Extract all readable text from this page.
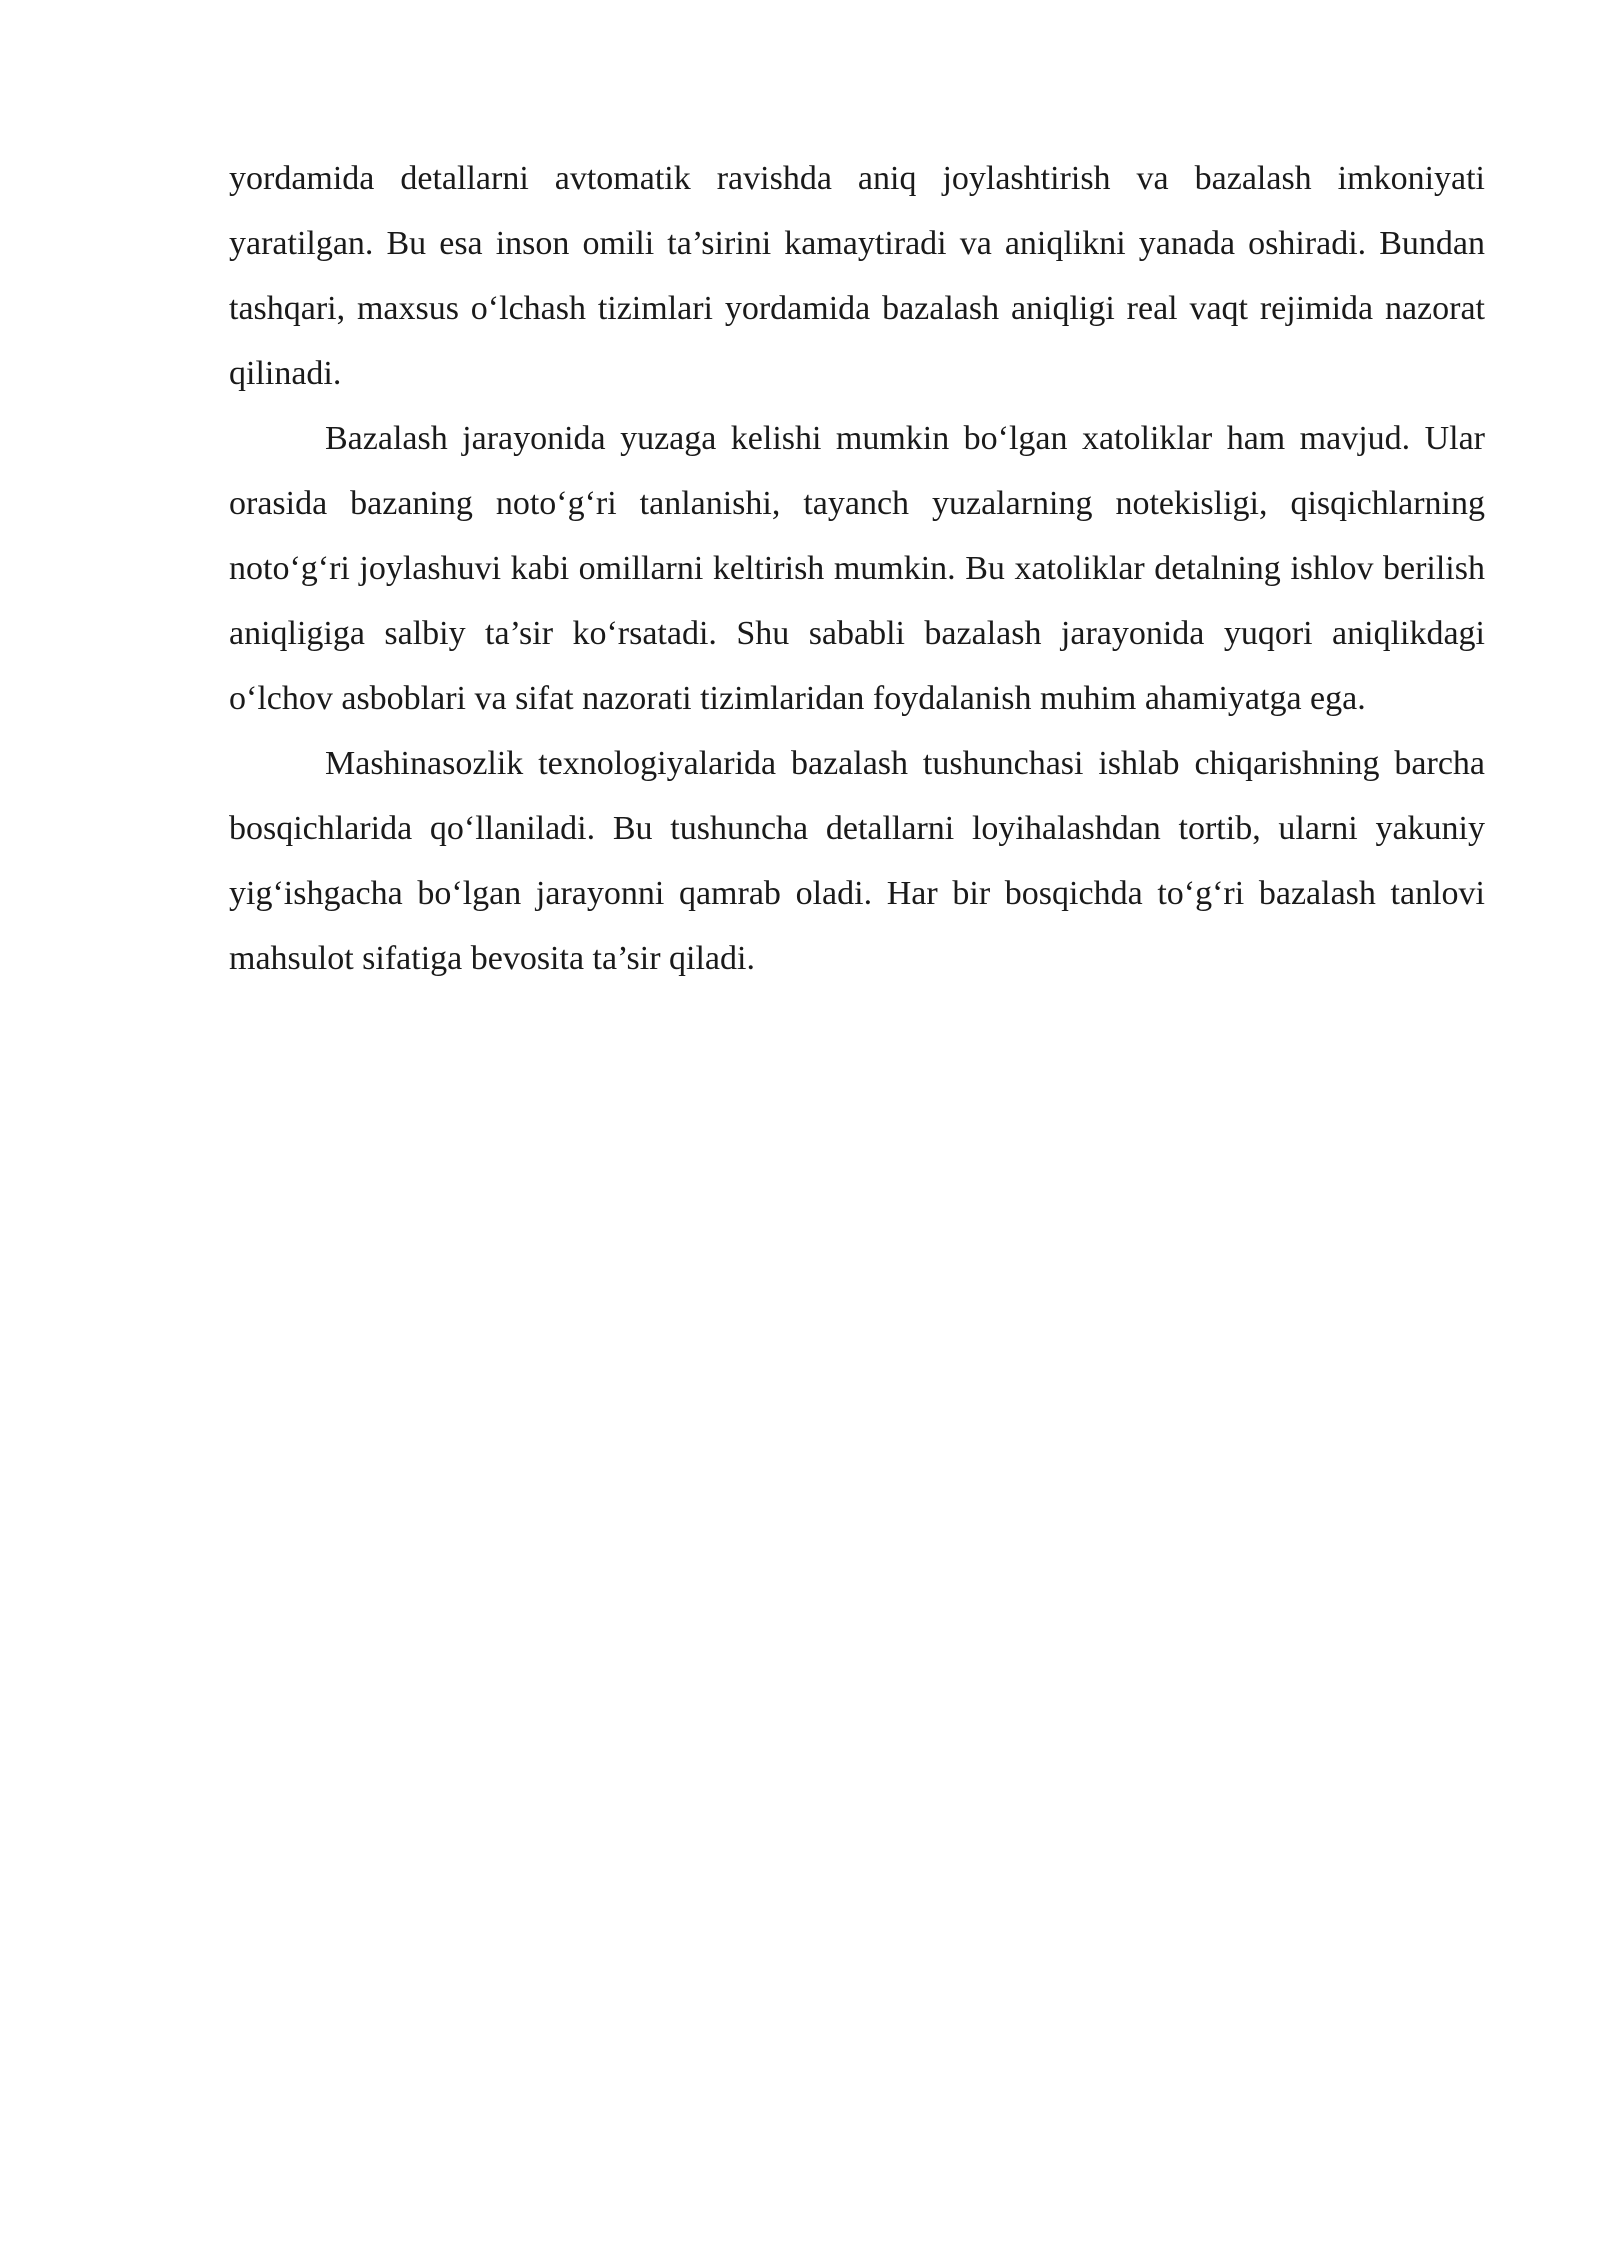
yordamida detallarni avtomatik ravishda aniq joylashtirish va bazalash imkoniyati yaratilgan. Bu esa inson omili ta’sirini kamaytiradi va aniqlikni yanada oshiradi. Bundan tashqari, maxsus o‘lchash tizimlari yordamida bazalash aniqligi real vaqt rejimida nazorat qilinadi.

Bazalash jarayonida yuzaga kelishi mumkin bo‘lgan xatoliklar ham mavjud. Ular orasida bazaning noto‘g‘ri tanlanishi, tayanch yuzalarning notekisligi, qisqichlarning noto‘g‘ri joylashuvi kabi omillarni keltirish mumkin. Bu xatoliklar detalning ishlov berilish aniqligiga salbiy ta’sir ko‘rsatadi. Shu sababli bazalash jarayonida yuqori aniqlikdagi o‘lchov asboblari va sifat nazorati tizimlaridan foydalanish muhim ahamiyatga ega.

Mashinasozlik texnologiyalarida bazalash tushunchasi ishlab chiqarishning barcha bosqichlarida qo‘llaniladi. Bu tushuncha detallarni loyihalashdan tortib, ularni yakuniy yig‘ishgacha bo‘lgan jarayonni qamrab oladi. Har bir bosqichda to‘g‘ri bazalash tanlovi mahsulot sifatiga bevosita ta’sir qiladi.
